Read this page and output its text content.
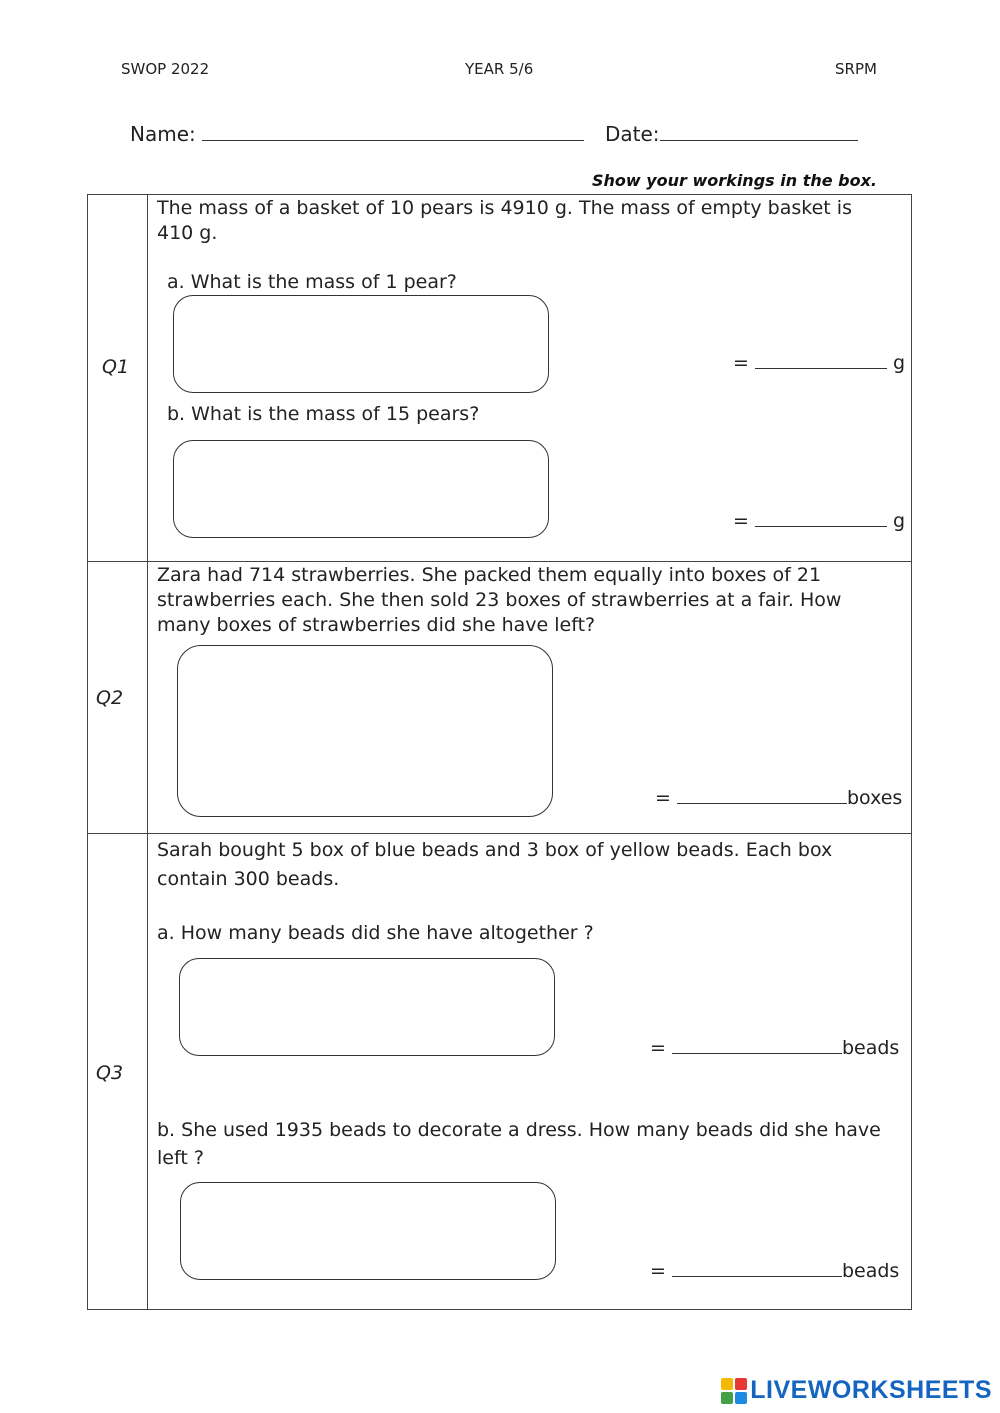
SWOP 2022	YEAR 5/6	SRPM
Name:	Date:
Show your workings in the box.
Q1
The mass of a basket of 10 pears is 4910 g. The mass of empty basket is 410 g.
a. What is the mass of 1 pear?
=	g
b. What is the mass of 15 pears?
=	g
Q2
Zara had 714 strawberries. She packed them equally into boxes of 21 strawberries each. She then sold 23 boxes of strawberries at a fair. How many boxes of strawberries did she have left?
=	boxes
Q3
Sarah bought 5 box of blue beads and 3 box of yellow beads. Each box contain 300 beads.
a. How many beads did she have altogether ?
=	beads
b. She used 1935 beads to decorate a dress. How many beads did she have left ?
=	beads
LIVEWORKSHEETS
